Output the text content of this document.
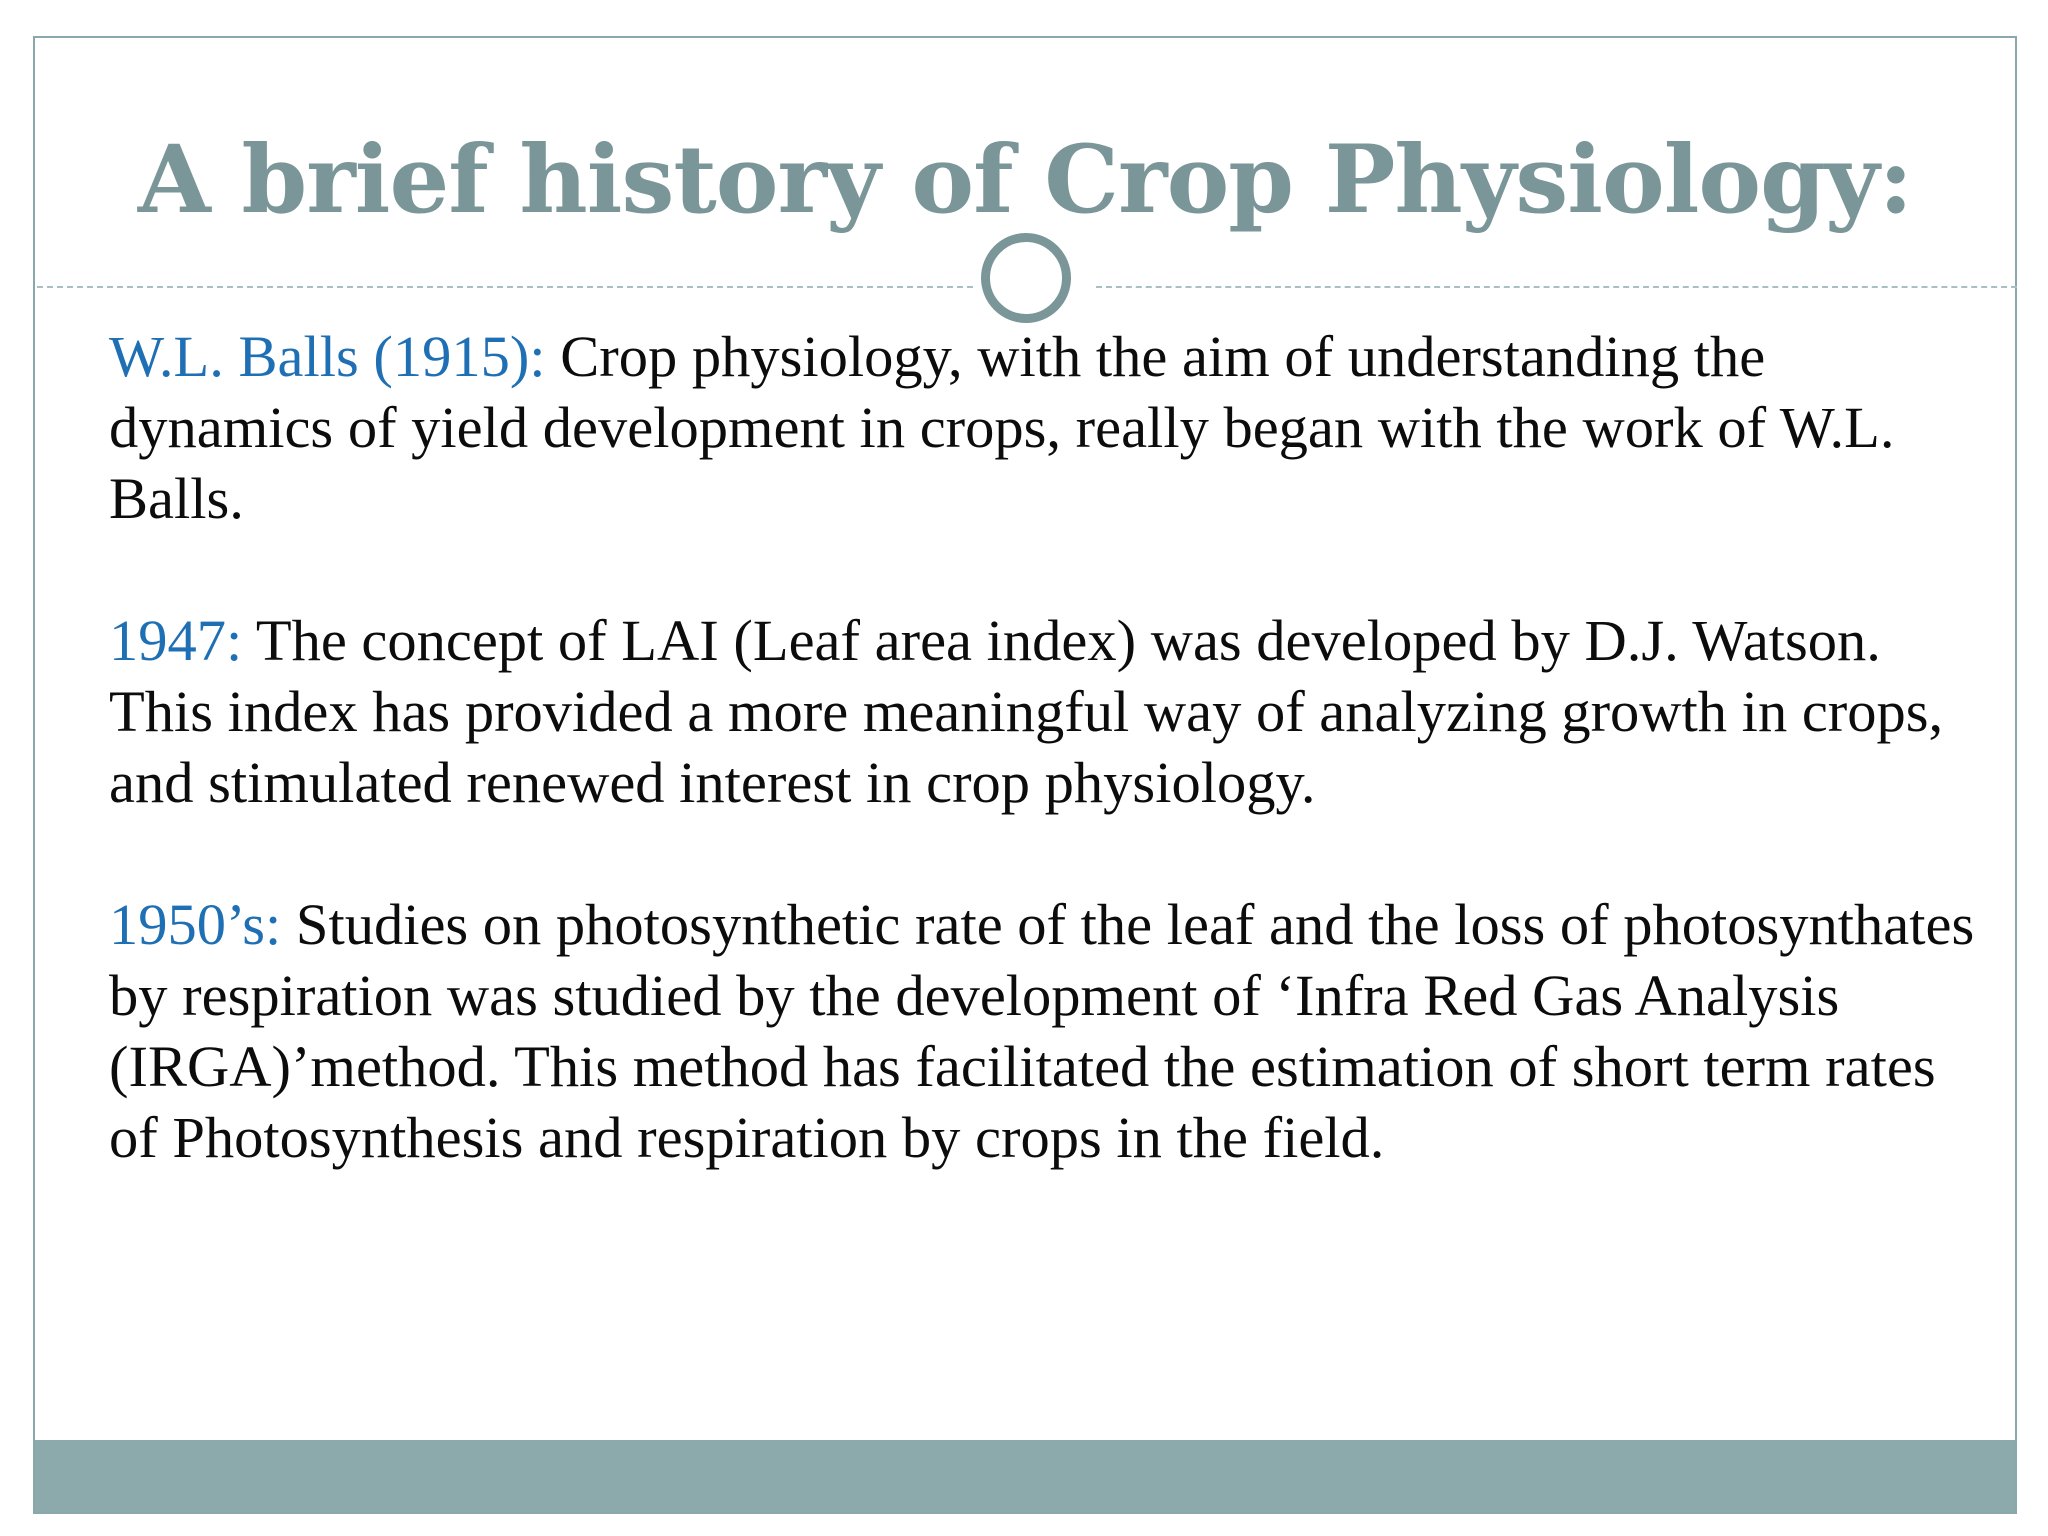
A brief history of Crop Physiology:

W.L. Balls (1915): Crop physiology, with the aim of understanding the dynamics of yield development in crops, really began with the work of W.L. Balls.

1947: The concept of LAI (Leaf area index) was developed by D.J. Watson. This index has provided a more meaningful way of analyzing growth in crops, and stimulated renewed interest in crop physiology.

1950’s: Studies on photosynthetic rate of the leaf and the loss of photosynthates by respiration was studied by the development of ‘Infra Red Gas Analysis (IRGA)’method. This method has facilitated the estimation of short term rates of Photosynthesis and respiration by crops in the field.
